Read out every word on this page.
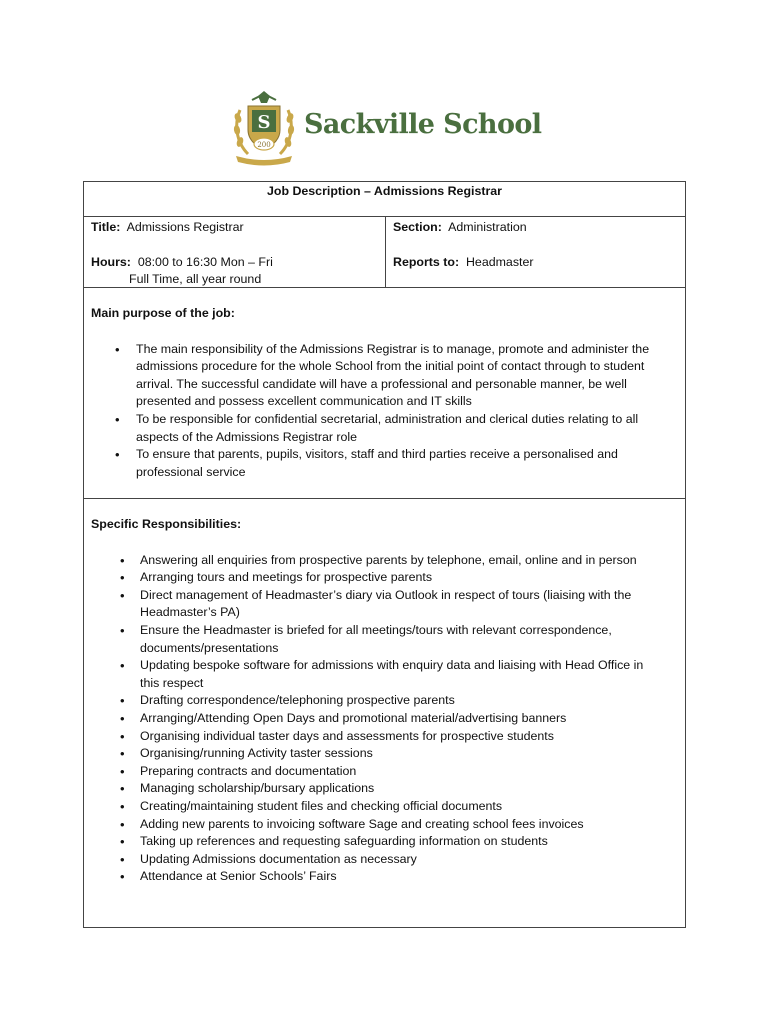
S
200
Sackville School
Job Description – Admissions Registrar
Title: Admissions Registrar
Hours: 08:00 to 16:30 Mon – Fri
Full Time, all year round
Section: Administration
Reports to: Headmaster
Main purpose of the job:
• The main responsibility of the Admissions Registrar is to manage, promote and administer the
admissions procedure for the whole School from the initial point of contact through to student
arrival. The successful candidate will have a professional and personable manner, be well
presented and possess excellent communication and IT skills
• To be responsible for confidential secretarial, administration and clerical duties relating to all
aspects of the Admissions Registrar role
• To ensure that parents, pupils, visitors, staff and third parties receive a personalised and
professional service
Specific Responsibilities:
• Answering all enquiries from prospective parents by telephone, email, online and in person
• Arranging tours and meetings for prospective parents
• Direct management of Headmaster’s diary via Outlook in respect of tours (liaising with the
Headmaster’s PA)
• Ensure the Headmaster is briefed for all meetings/tours with relevant correspondence,
documents/presentations
• Updating bespoke software for admissions with enquiry data and liaising with Head Office in
this respect
• Drafting correspondence/telephoning prospective parents
• Arranging/Attending Open Days and promotional material/advertising banners
• Organising individual taster days and assessments for prospective students
• Organising/running Activity taster sessions
• Preparing contracts and documentation
• Managing scholarship/bursary applications
• Creating/maintaining student files and checking official documents
• Adding new parents to invoicing software Sage and creating school fees invoices
• Taking up references and requesting safeguarding information on students
• Updating Admissions documentation as necessary
• Attendance at Senior Schools’ Fairs
